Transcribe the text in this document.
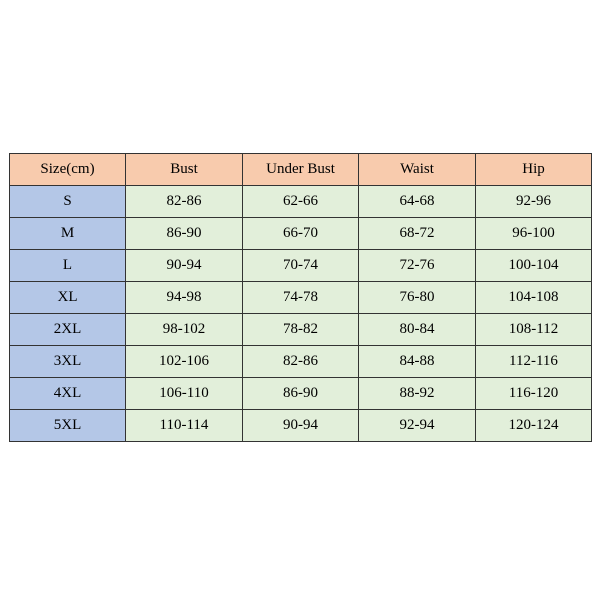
Size(cm)	Bust	Under Bust	Waist	Hip
S	82-86	62-66	64-68	92-96
M	86-90	66-70	68-72	96-100
L	90-94	70-74	72-76	100-104
XL	94-98	74-78	76-80	104-108
2XL	98-102	78-82	80-84	108-112
3XL	102-106	82-86	84-88	112-116
4XL	106-110	86-90	88-92	116-120
5XL	110-114	90-94	92-94	120-124
